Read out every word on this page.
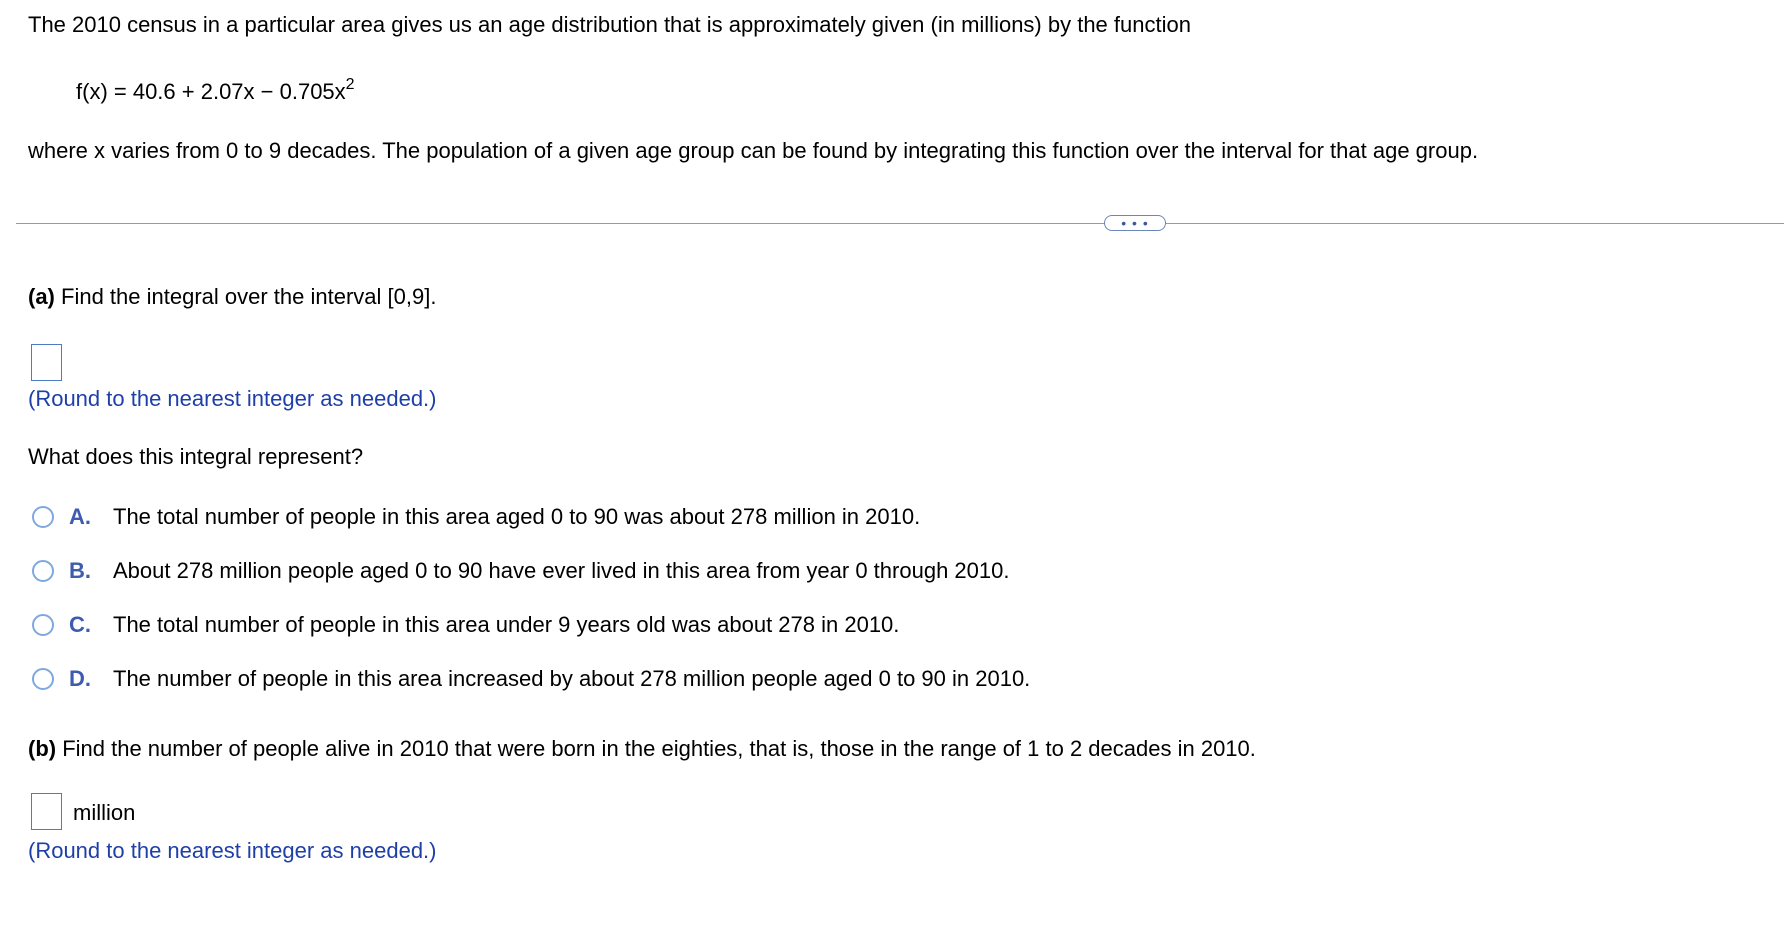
The 2010 census in a particular area gives us an age distribution that is approximately given (in millions) by the function
$f(x) = 40.6 + 2.07x - 0.705x^2$
where x varies from 0 to 9 decades. The population of a given age group can be found by integrating this function over the interval for that age group.
• • •
(a) Find the integral over the interval [0,9].
(Round to the nearest integer as needed.)
What does this integral represent?
A.	The total number of people in this area aged 0 to 90 was about 278 million in 2010.
B.	About 278 million people aged 0 to 90 have ever lived in this area from year 0 through 2010.
C.	The total number of people in this area under 9 years old was about 278 in 2010.
D.	The number of people in this area increased by about 278 million people aged 0 to 90 in 2010.
(b) Find the number of people alive in 2010 that were born in the eighties, that is, those in the range of 1 to 2 decades in 2010.
million
(Round to the nearest integer as needed.)
